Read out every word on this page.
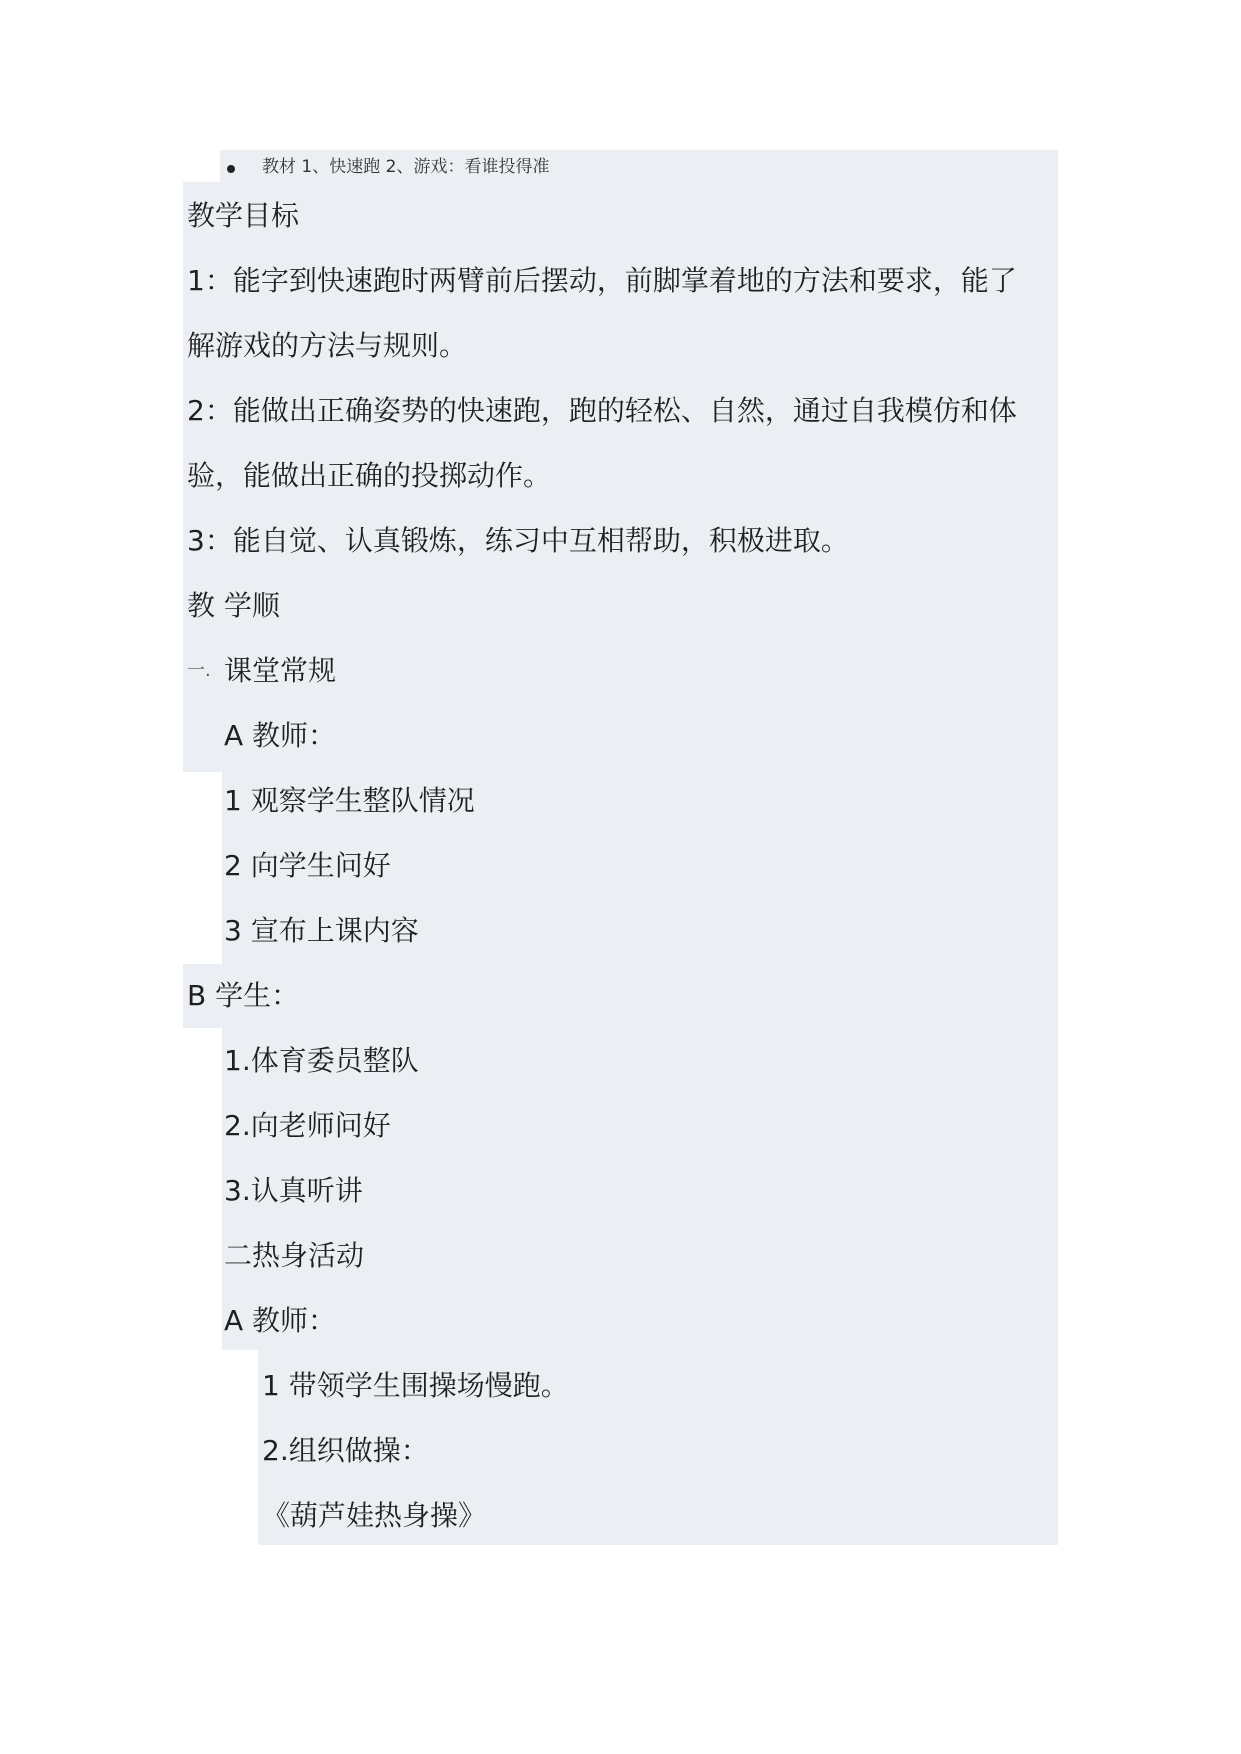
教材 1、快速跑 2、游戏：看谁投得准
教学目标
1：能字到快速跑时两臂前后摆动，前脚掌着地的方法和要求，能了
解游戏的方法与规则。
2：能做出正确姿势的快速跑，跑的轻松、自然，通过自我模仿和体
验，能做出正确的投掷动作。
3：能自觉、认真锻炼，练习中互相帮助，积极进取。
教 学顺
一. 课堂常规
A 教师：
1 观察学生整队情况
2 向学生问好
3 宣布上课内容
B 学生：
1.体育委员整队
2.向老师问好
3.认真听讲
二热身活动
A 教师：
1 带领学生围操场慢跑。
2.组织做操：
《葫芦娃热身操》
